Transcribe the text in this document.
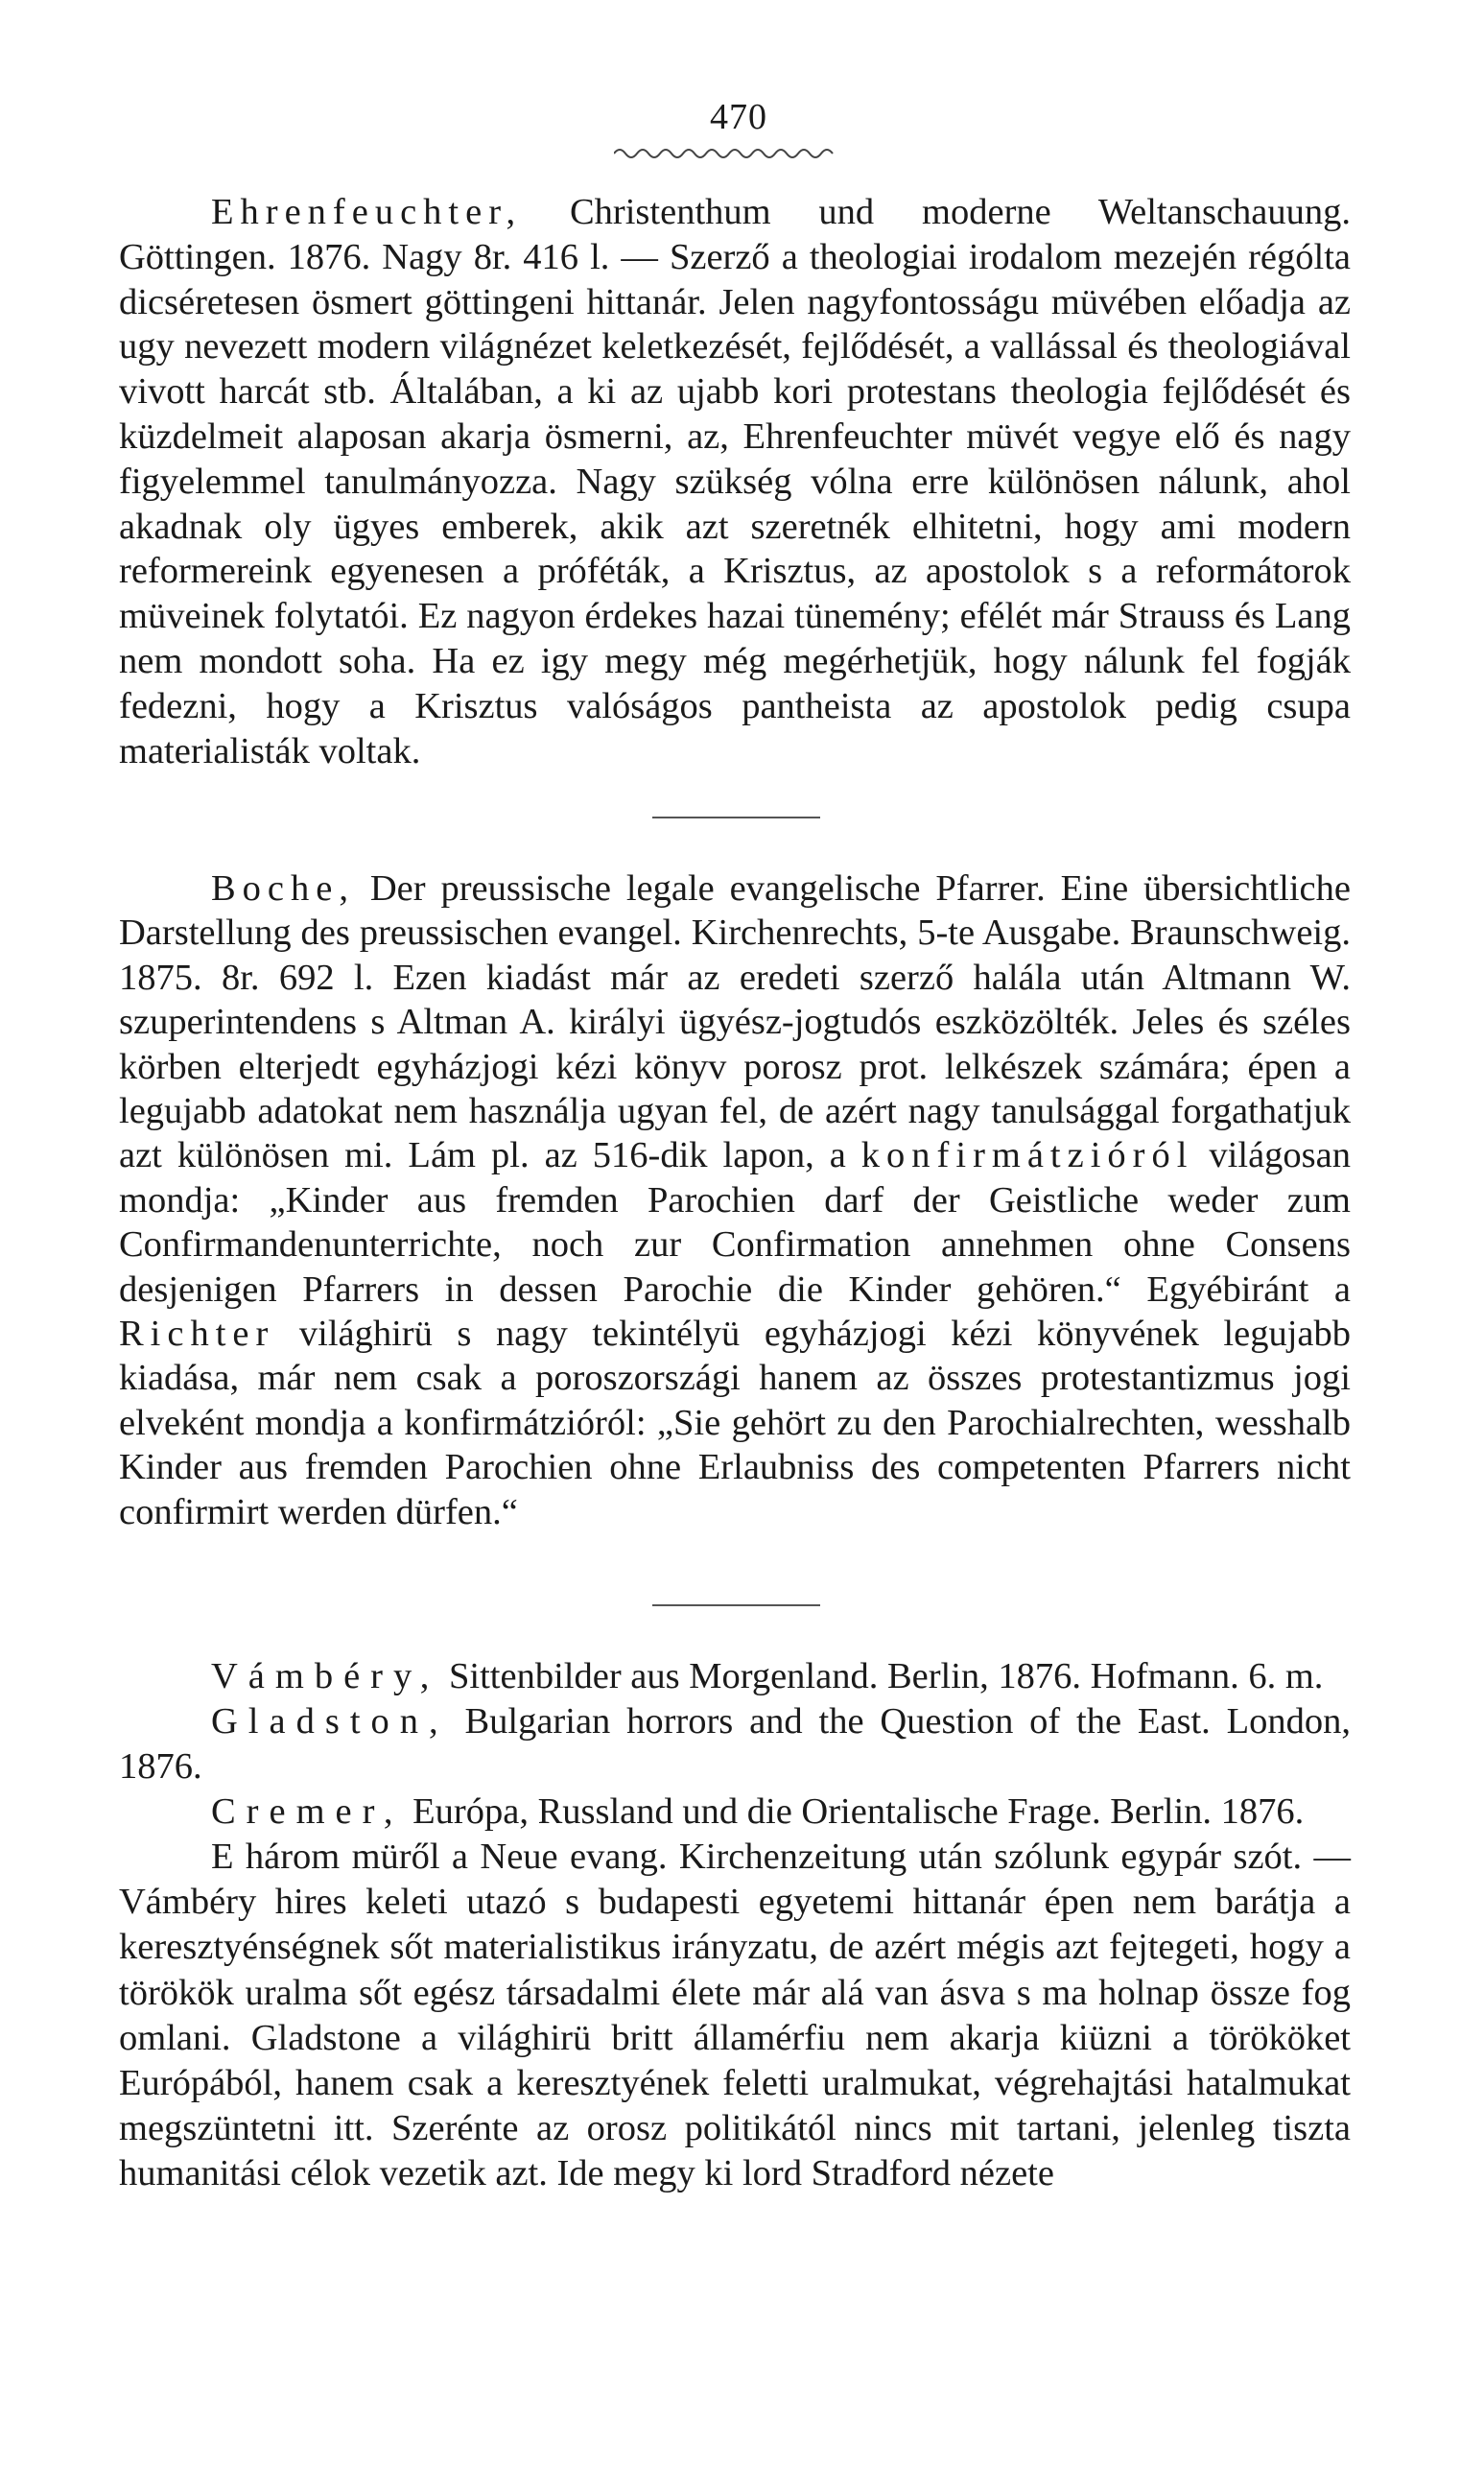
470

Ehrenfeuchter, Christenthum und moderne Weltanschauung. Göttingen. 1876. Nagy 8r. 416 l. — Szerző a theologiai irodalom mezején régólta dicséretesen ösmert göttingeni hittanár. Jelen nagyfontosságu müvében előadja az ugy nevezett modern világnézet keletkezését, fejlődését, a vallással és theologiával vivott harcát stb. Általában, a ki az ujabb kori protestans theologia fejlődését és küzdelmeit alaposan akarja ösmerni, az, Ehrenfeuchter müvét vegye elő és nagy figyelemmel tanulmányozza. Nagy szükség vólna erre különösen nálunk, ahol akadnak oly ügyes emberek, akik azt szeretnék elhitetni, hogy ami modern reformereink egyenesen a próféták, a Krisztus, az apostolok s a reformátorok müveinek folytatói. Ez nagyon érdekes hazai tünemény; efélét már Strauss és Lang nem mondott soha. Ha ez igy megy még megérhetjük, hogy nálunk fel fogják fedezni, hogy a Krisztus valóságos pantheista az apostolok pedig csupa materialisták voltak.

Boche, Der preussische legale evangelische Pfarrer. Eine übersichtliche Darstellung des preussischen evangel. Kirchenrechts, 5-te Ausgabe. Braunschweig. 1875. 8r. 692 l. Ezen kiadást már az eredeti szerző halála után Altmann W. szuperintendens s Altman A. királyi ügyész-jogtudós eszközölték. Jeles és széles körben elterjedt egyházjogi kézi könyv porosz prot. lelkészek számára; épen a legujabb adatokat nem használja ugyan fel, de azért nagy tanulsággal forgathatjuk azt különösen mi. Lám pl. az 516-dik lapon, a konfirmátzióról világosan mondja: „Kinder aus fremden Parochien darf der Geistliche weder zum Confirmandenunterrichte, noch zur Confirmation annehmen ohne Consens desjenigen Pfarrers in dessen Parochie die Kinder gehören.“ Egyébiránt a Richter világhirü s nagy tekintélyü egyházjogi kézi könyvének legujabb kiadása, már nem csak a poroszországi hanem az összes protestantizmus jogi elveként mondja a konfirmátzióról: „Sie gehört zu den Parochialrechten, wesshalb Kinder aus fremden Parochien ohne Erlaubniss des competenten Pfarrers nicht confirmirt werden dürfen.“

Vámbéry, Sittenbilder aus Morgenland. Berlin, 1876. Hofmann. 6. m.

Gladston, Bulgarian horrors and the Question of the East. London, 1876.

Cremer, Európa, Russland und die Orientalische Frage. Berlin. 1876.

E három müről a Neue evang. Kirchenzeitung után szólunk egypár szót. — Vámbéry hires keleti utazó s budapesti egyetemi hittanár épen nem barátja a keresztyénségnek sőt materialistikus irányzatu, de azért mégis azt fejtegeti, hogy a törökök uralma sőt egész társadalmi élete már alá van ásva s ma holnap össze fog omlani. Gladstone a világhirü britt államérfiu nem akarja kiüzni a törököket Európából, hanem csak a keresztyének feletti uralmukat, végrehajtási hatalmukat megszüntetni itt. Szerénte az orosz politikától nincs mit tartani, jelenleg tiszta humanitási célok vezetik azt. Ide megy ki lord Stradford nézete
